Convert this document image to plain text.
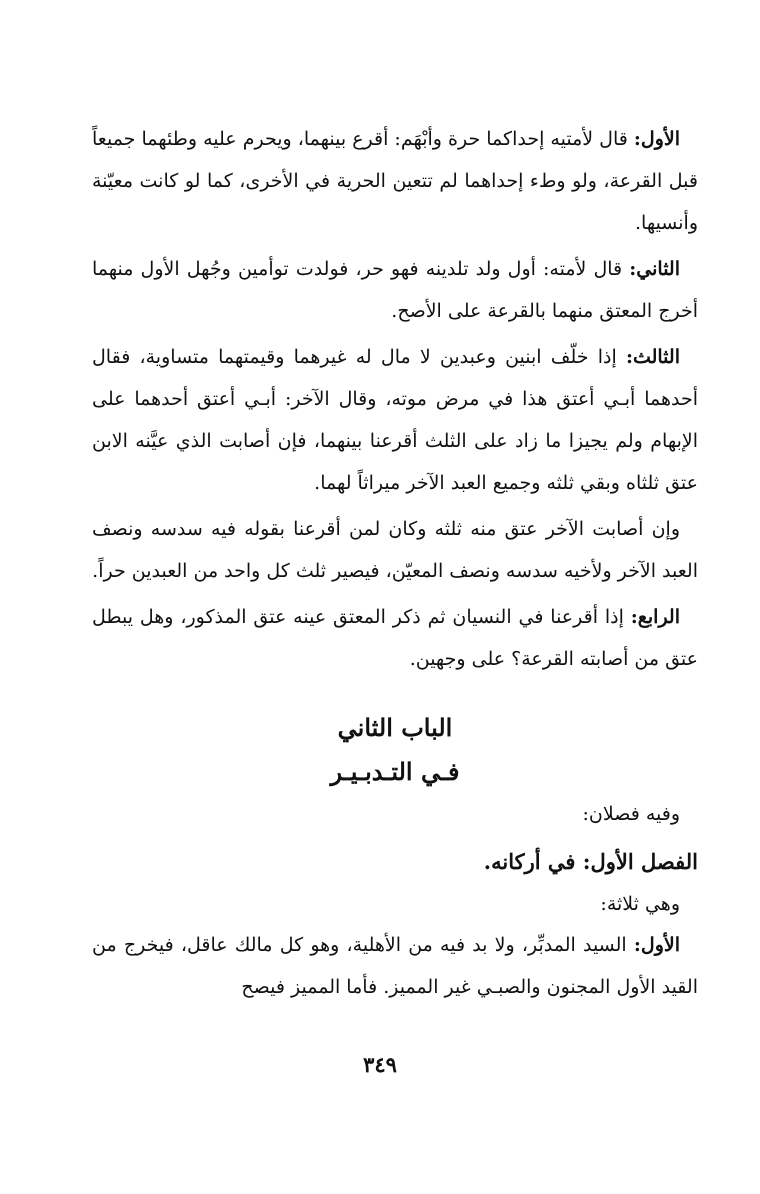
الأول: قال لأمتيه إحداكما حرة وأبْهَم: أقرع بينهما، ويحرم عليه وطئهما جميعاً قبل القرعة، ولو وطء إحداهما لم تتعين الحرية في الأخرى، كما لو كانت معيّنة وأنسيها.

الثاني: قال لأمته: أول ولد تلدينه فهو حر، فولدت توأمين وجُهل الأول منهما أخرج المعتق منهما بالقرعة على الأصح.

الثالث: إذا خلّف ابنين وعبدين لا مال له غيرهما وقيمتهما متساوية، فقال أحدهما أبـي أعتق هذا في مرض موته، وقال الآخر: أبـي أعتق أحدهما على الإبهام ولم يجيزا ما زاد على الثلث أقرعنا بينهما، فإن أصابت الذي عيَّنه الابن عتق ثلثاه وبقي ثلثه وجميع العبد الآخر ميراثاً لهما.

وإن أصابت الآخر عتق منه ثلثه وكان لمن أقرعنا بقوله فيه سدسه ونصف العبد الآخر ولأخيه سدسه ونصف المعيّن، فيصير ثلث كل واحد من العبدين حراً.

الرابع: إذا أقرعنا في النسيان ثم ذكر المعتق عينه عتق المذكور، وهل يبطل عتق من أصابته القرعة؟ على وجهين.

الباب الثاني
فـي التـدبـيـر

وفيه فصلان:

الفصل الأول: في أركانه.

وهي ثلاثة:

الأول: السيد المدبِّر، ولا بد فيه من الأهلية، وهو كل مالك عاقل، فيخرج من القيد الأول المجنون والصبـي غير المميز. فأما المميز فيصح

٣٤٩
